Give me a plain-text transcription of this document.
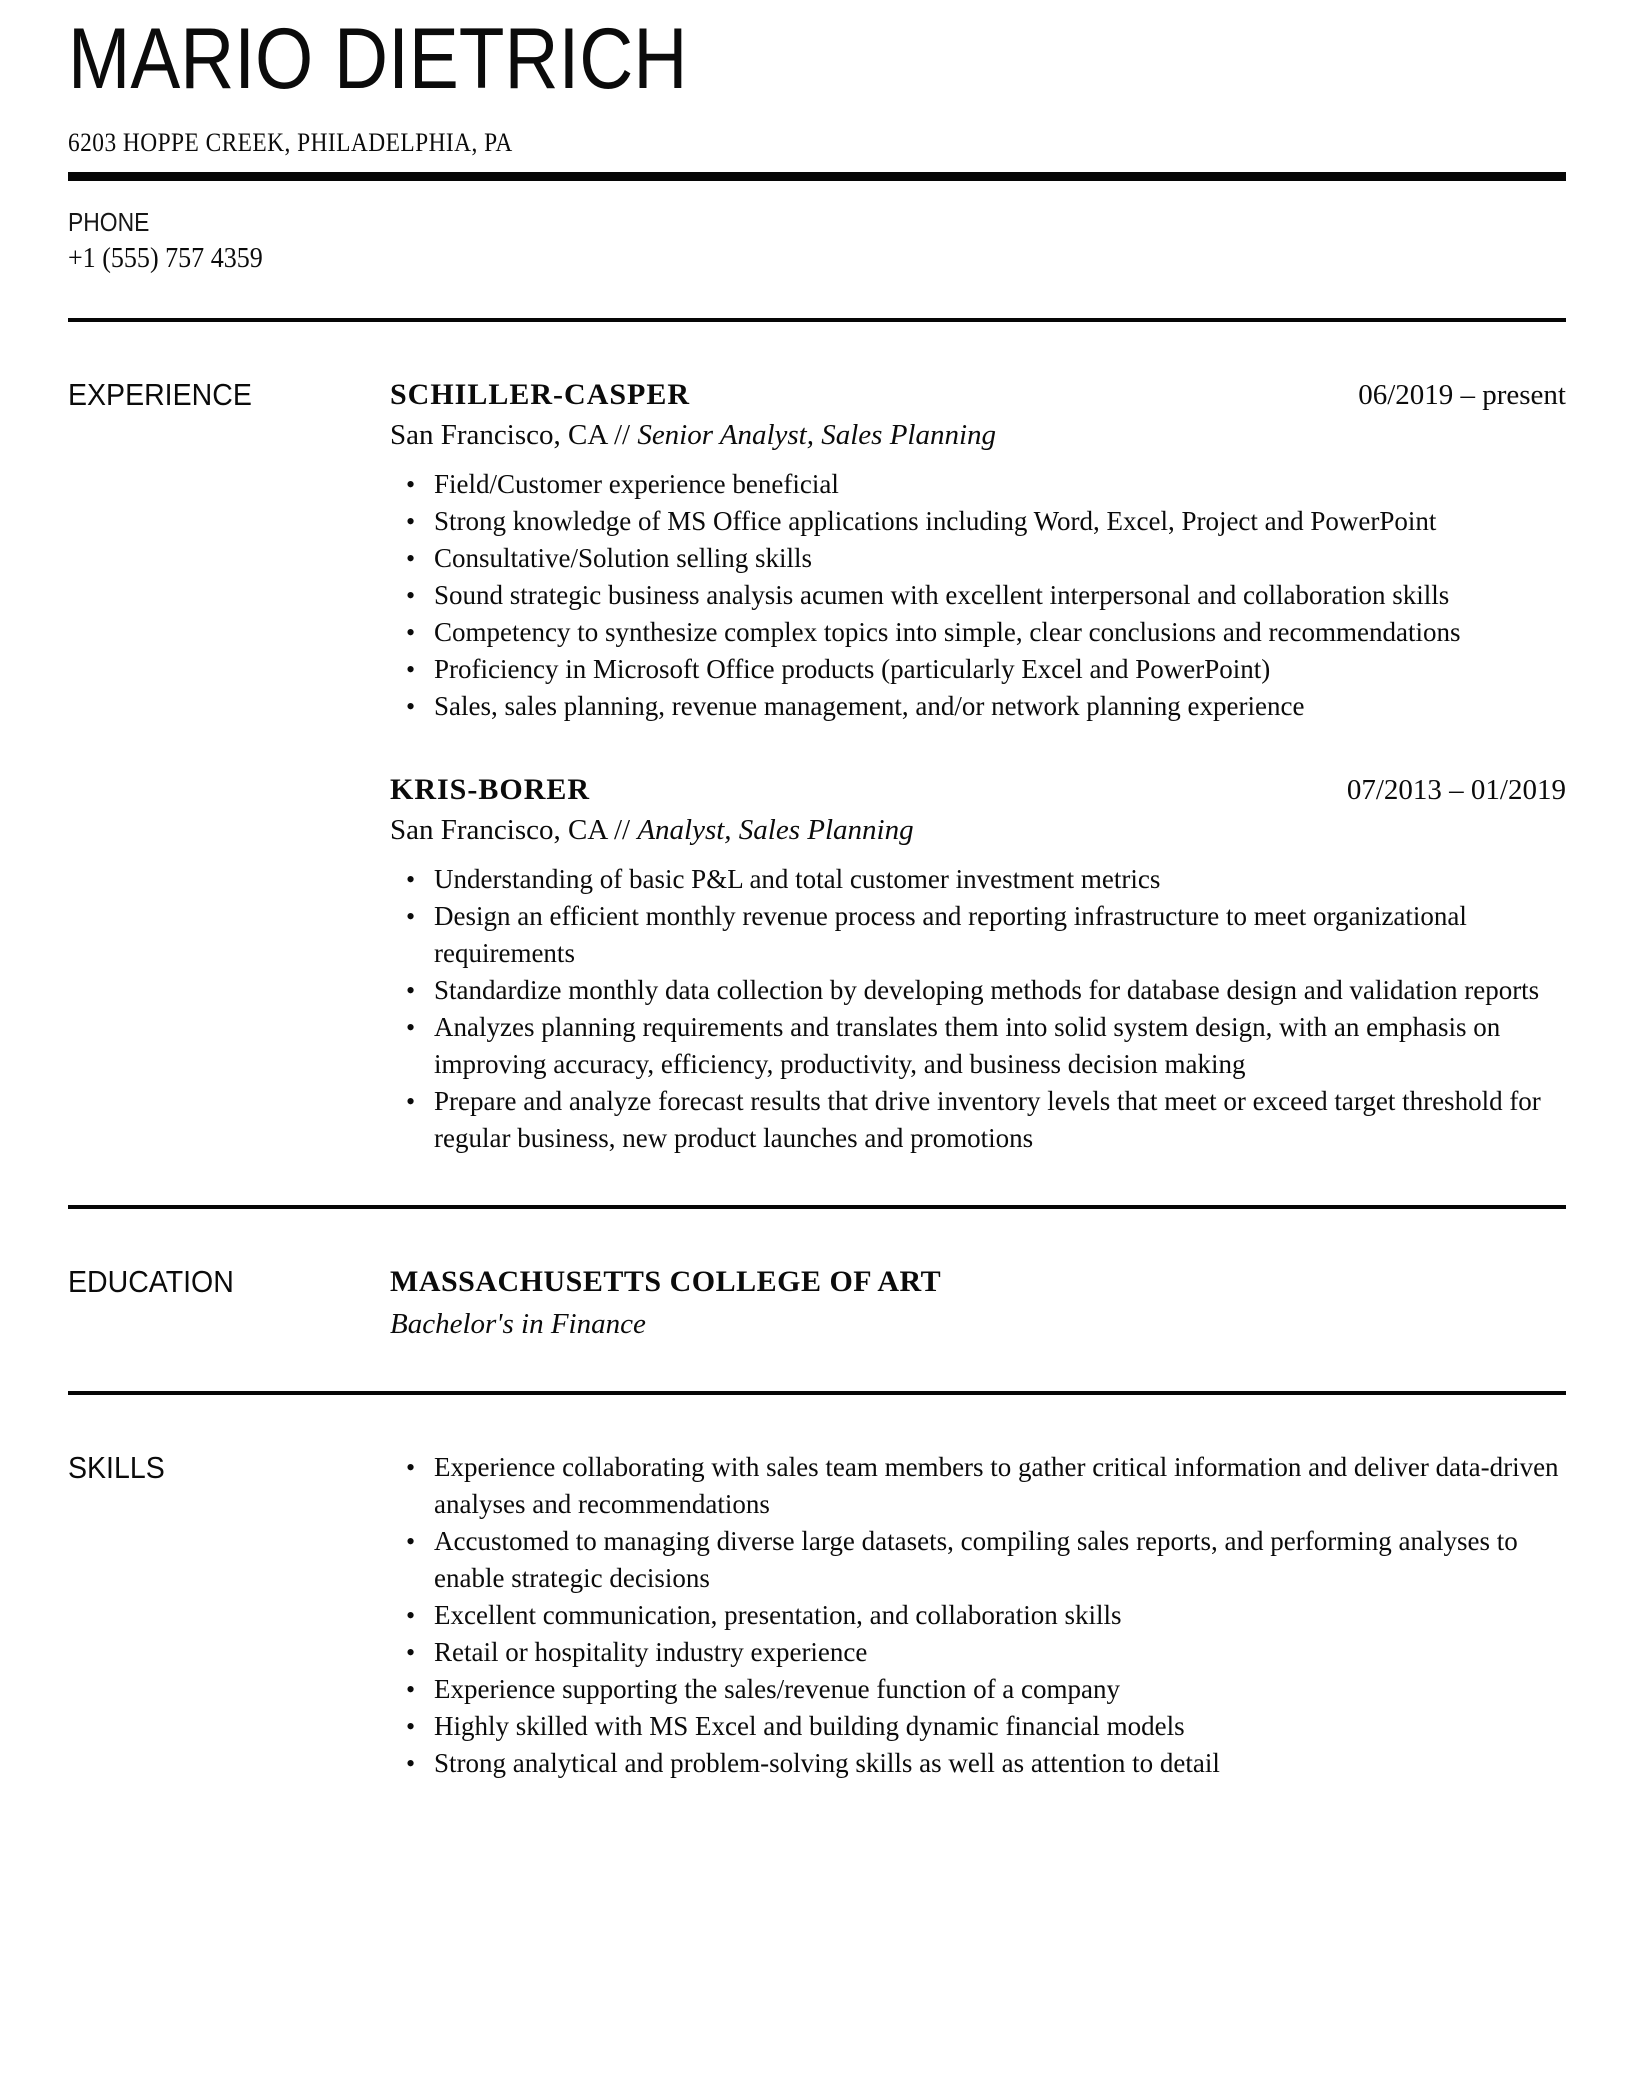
MARIO DIETRICH
6203 HOPPE CREEK, PHILADELPHIA, PA
PHONE
+1 (555) 757 4359
EXPERIENCE	SCHILLER-CASPER	06/2019 – present
San Francisco, CA // Senior Analyst, Sales Planning
• Field/Customer experience beneficial
• Strong knowledge of MS Office applications including Word, Excel, Project and PowerPoint
• Consultative/Solution selling skills
• Sound strategic business analysis acumen with excellent interpersonal and collaboration skills
• Competency to synthesize complex topics into simple, clear conclusions and recommendations
• Proficiency in Microsoft Office products (particularly Excel and PowerPoint)
• Sales, sales planning, revenue management, and/or network planning experience
KRIS-BORER	07/2013 – 01/2019
San Francisco, CA // Analyst, Sales Planning
• Understanding of basic P&L and total customer investment metrics
• Design an efficient monthly revenue process and reporting infrastructure to meet organizational requirements
• Standardize monthly data collection by developing methods for database design and validation reports
• Analyzes planning requirements and translates them into solid system design, with an emphasis on improving accuracy, efficiency, productivity, and business decision making
• Prepare and analyze forecast results that drive inventory levels that meet or exceed target threshold for regular business, new product launches and promotions
EDUCATION	MASSACHUSETTS COLLEGE OF ART
Bachelor's in Finance
SKILLS	• Experience collaborating with sales team members to gather critical information and deliver data-driven analyses and recommendations
• Accustomed to managing diverse large datasets, compiling sales reports, and performing analyses to enable strategic decisions
• Excellent communication, presentation, and collaboration skills
• Retail or hospitality industry experience
• Experience supporting the sales/revenue function of a company
• Highly skilled with MS Excel and building dynamic financial models
• Strong analytical and problem-solving skills as well as attention to detail
